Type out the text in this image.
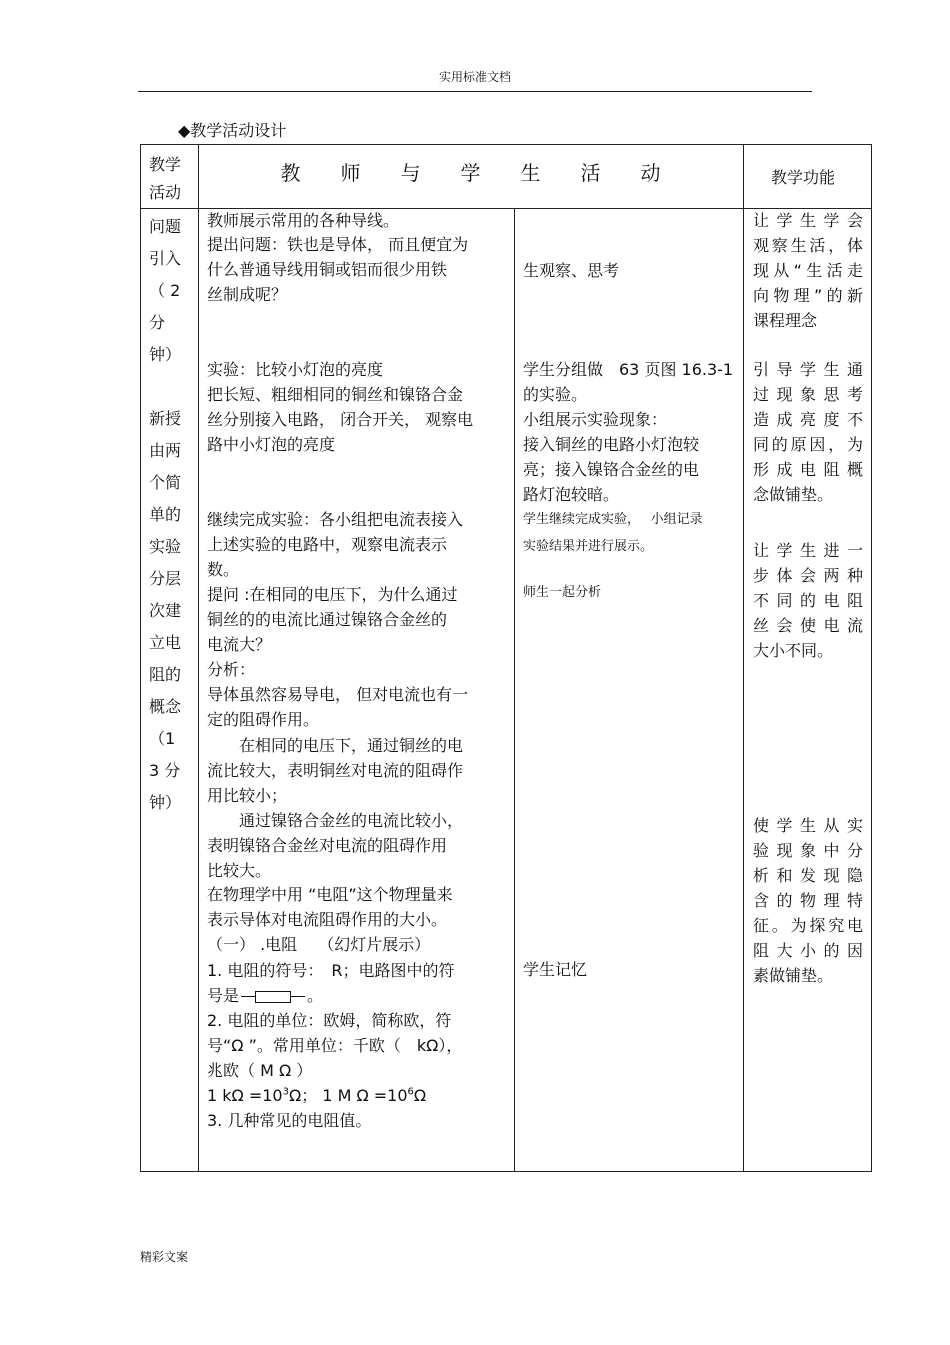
实用标准文档
◆教学活动设计
教学
活动
教　　师　　与　　学　　生　　活　　动	教学功能
问题引入（ 2 分钟）
新授由两个简单的实验分层次建立电阻的概念（13 分钟）
教师展示常用的各种导线。
提出问题：铁也是导体， 而且便宜为
什么普通导线用铜或铝而很少用铁
丝制成呢？
实验：比较小灯泡的亮度
把长短、粗细相同的铜丝和镍铬合金
丝分别接入电路， 闭合开关， 观察电
路中小灯泡的亮度
继续完成实验：各小组把电流表接入
上述实验的电路中，观察电流表示
数。
提问 :在相同的电压下，为什么通过
铜丝的的电流比通过镍铬合金丝的
电流大？
分析：
导体虽然容易导电， 但对电流也有一
定的阻碍作用。
　　在相同的电压下，通过铜丝的电
流比较大，表明铜丝对电流的阻碍作
用比较小；
　　通过镍铬合金丝的电流比较小，
表明镍铬合金丝对电流的阻碍作用
比较大。
在物理学中用 “电阻”这个物理量来
表示导体对电流阻碍作用的大小。
（一） .电阻　 （幻灯片展示）
1. 电阻的符号：　R；电路图中的符
号是	。
2. 电阻的单位：欧姆，简称欧，符
号“Ω ”。常用单位：千欧（　kΩ），
兆欧（ M Ω ）
1 $k\Omega =10^3\Omega$； 1 M $\Omega =10^6\Omega$
3. 几种常见的电阻值。
生观察、思考
学生分组做　63 页图 16.3-1
的实验。
小组展示实验现象：
接入铜丝的电路小灯泡较
亮；接入镍铬合金丝的电
路灯泡较暗。
学生继续完成实验，　 小组记录
实验结果并进行展示。
师生一起分析
学生记忆
让学生学会
观察生活，体
现从“生活走
向物理”的新
课程理念
引导学生通
过现象思考
造成亮度不
同的原因，为
形成电阻概
念做铺垫。
让学生进一
步体会两种
不同的电阻
丝会使电流
大小不同。
使学生从实
验现象中分
析和发现隐
含的物理特
征。为探究电
阻大小的因
素做铺垫。
精彩文案
